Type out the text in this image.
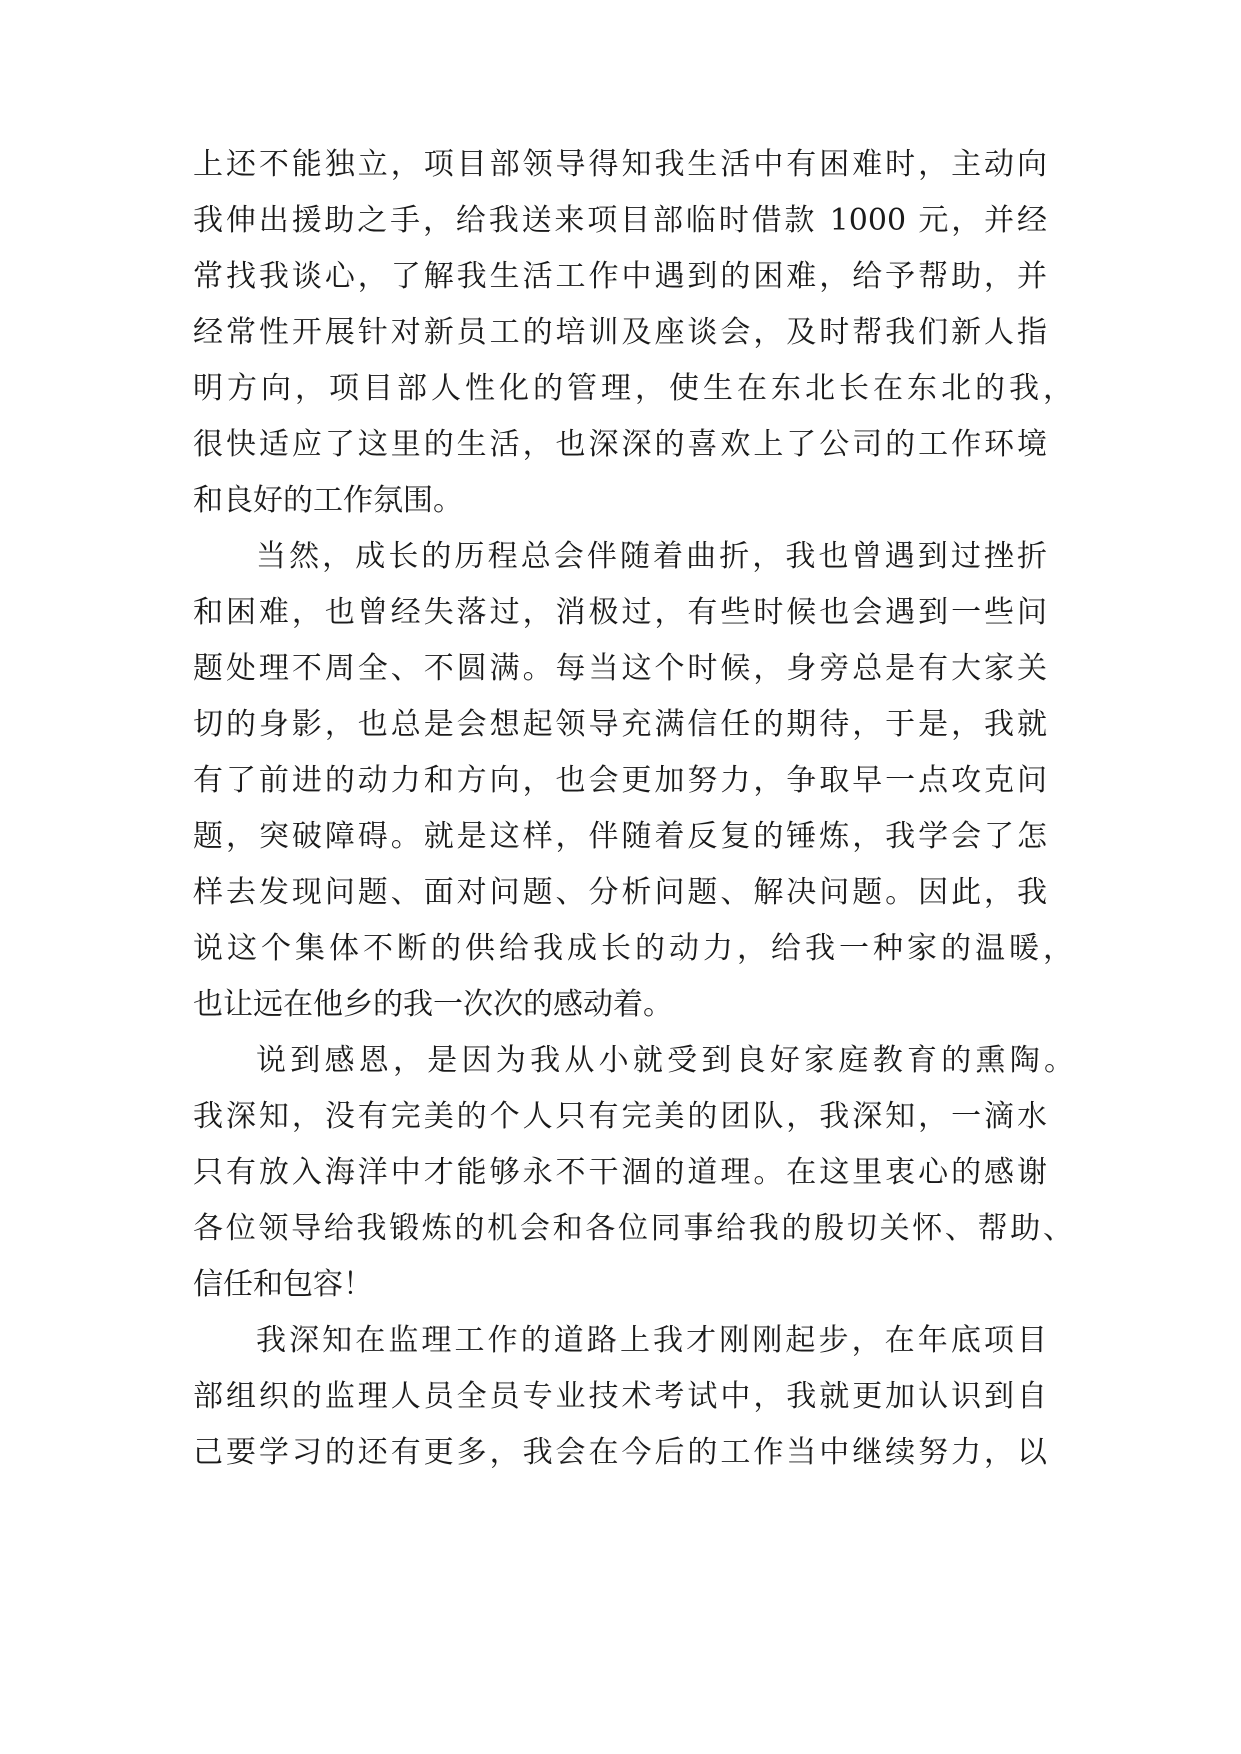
上还不能独立，项目部领导得知我生活中有困难时，主动向
我伸出援助之手，给我送来项目部临时借款 1000 元，并经
常找我谈心，了解我生活工作中遇到的困难，给予帮助，并
经常性开展针对新员工的培训及座谈会，及时帮我们新人指
明方向，项目部人性化的管理，使生在东北长在东北的我，
很快适应了这里的生活，也深深的喜欢上了公司的工作环境
和良好的工作氛围。
当然，成长的历程总会伴随着曲折，我也曾遇到过挫折
和困难，也曾经失落过，消极过，有些时候也会遇到一些问
题处理不周全、不圆满。每当这个时候，身旁总是有大家关
切的身影，也总是会想起领导充满信任的期待，于是，我就
有了前进的动力和方向，也会更加努力，争取早一点攻克问
题，突破障碍。就是这样，伴随着反复的锤炼，我学会了怎
样去发现问题、面对问题、分析问题、解决问题。因此，我
说这个集体不断的供给我成长的动力，给我一种家的温暖，
也让远在他乡的我一次次的感动着。
说到感恩，是因为我从小就受到良好家庭教育的熏陶。
我深知，没有完美的个人只有完美的团队，我深知，一滴水
只有放入海洋中才能够永不干涸的道理。在这里衷心的感谢
各位领导给我锻炼的机会和各位同事给我的殷切关怀、帮助、
信任和包容！
我深知在监理工作的道路上我才刚刚起步，在年底项目
部组织的监理人员全员专业技术考试中，我就更加认识到自
己要学习的还有更多，我会在今后的工作当中继续努力，以
